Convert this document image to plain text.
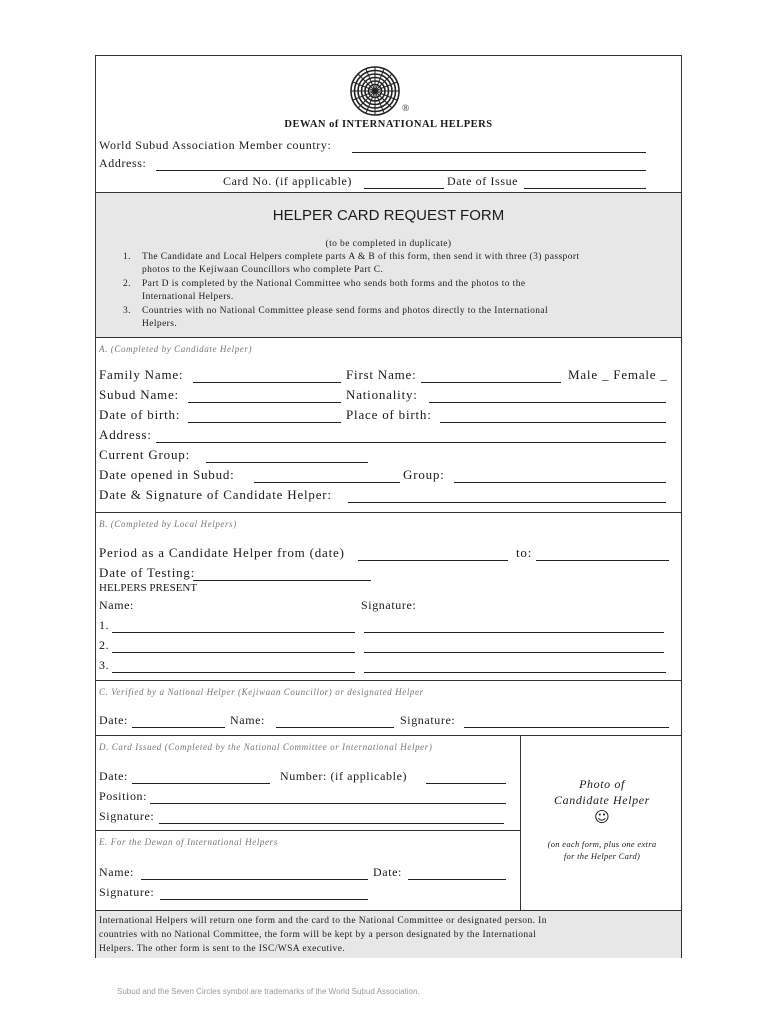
®
DEWAN of INTERNATIONAL HELPERS
World Subud Association Member country:
Address:
Card No. (if applicable)	Date of Issue
HELPER CARD REQUEST FORM
(to be completed in duplicate)
1. The Candidate and Local Helpers complete parts A & B of this form, then send it with three (3) passport
photos to the Kejiwaan Councillors who complete Part C.
2. Part D is completed by the National Committee who sends both forms and the photos to the
International Helpers.
3. Countries with no National Committee please send forms and photos directly to the International
Helpers.
A. (Completed by Candidate Helper)
Family Name:	First Name:	Male _ Female _
Subud Name:	Nationality:
Date of birth:	Place of birth:
Address:
Current Group:
Date opened in Subud:	Group:
Date & Signature of Candidate Helper:
B. (Completed by Local Helpers)
Period as a Candidate Helper from (date)	to:
Date of Testing:
HELPERS PRESENT
Name:	Signature:
1.
2.
3.
C. Verified by a National Helper (Kejiwaan Councillor) or designated Helper
Date:	Name:	Signature:
D. Card Issued (Completed by the National Committee or International Helper)
Date:	Number: (if applicable)
Position:
Signature:
E. For the Dewan of International Helpers
Name:	Date:
Signature:
Photo of
Candidate Helper
☺
(on each form, plus one extra
for the Helper Card)
International Helpers will return one form and the card to the National Committee or designated person. In
countries with no National Committee, the form will be kept by a person designated by the International
Helpers. The other form is sent to the ISC/WSA executive.
Subud and the Seven Circles symbol are trademarks of the World Subud Association.
